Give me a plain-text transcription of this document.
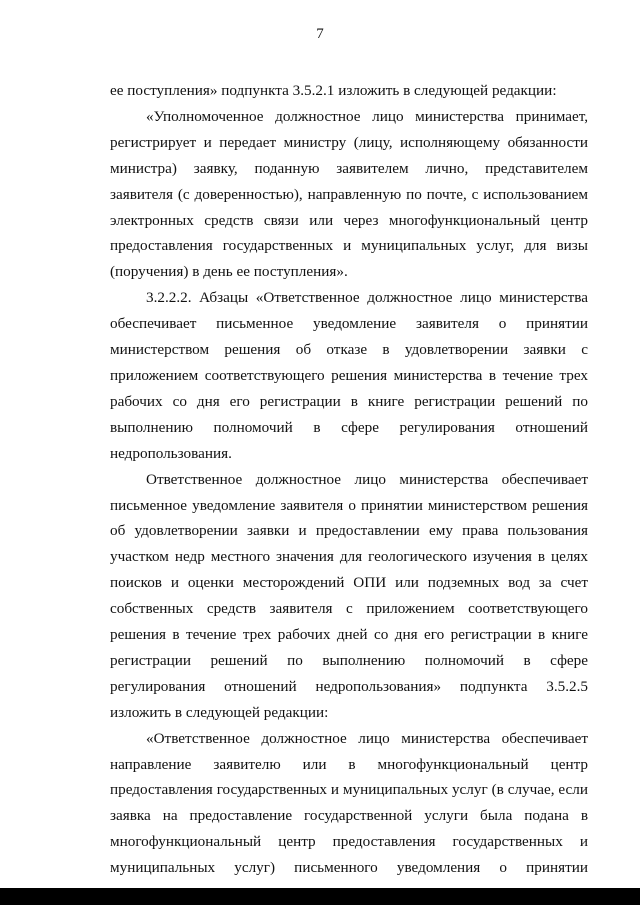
7

ее поступления» подпункта 3.5.2.1 изложить в следующей редакции:

«Уполномоченное должностное лицо министерства принимает, регистрирует и передает министру (лицу, исполняющему обязанности министра) заявку, поданную заявителем лично, представителем заявителя (с доверенностью), направленную по почте, с использованием электронных средств связи или через многофункциональный центр предоставления государственных и муниципальных услуг, для визы (поручения) в день ее поступления».

3.2.2.2. Абзацы «Ответственное должностное лицо министерства обеспечивает письменное уведомление заявителя о принятии министерством решения об отказе в удовлетворении заявки с приложением соответствующего решения министерства в течение трех рабочих со дня его регистрации в книге регистрации решений по выполнению полномочий в сфере регулирования отношений недропользования.

Ответственное должностное лицо министерства обеспечивает письменное уведомление заявителя о принятии министерством решения об удовлетворении заявки и предоставлении ему права пользования участком недр местного значения для геологического изучения в целях поисков и оценки месторождений ОПИ или подземных вод за счет собственных средств заявителя с приложением соответствующего решения в течение трех рабочих дней со дня его регистрации в книге регистрации решений по выполнению полномочий в сфере регулирования отношений недропользования» подпункта 3.5.2.5 изложить в следующей редакции:

«Ответственное должностное лицо министерства обеспечивает направление заявителю или в многофункциональный центр предоставления государственных и муниципальных услуг (в случае, если заявка на предоставление государственной услуги была подана в многофункциональный центр предоставления государственных и муниципальных услуг) письменного уведомления о принятии
